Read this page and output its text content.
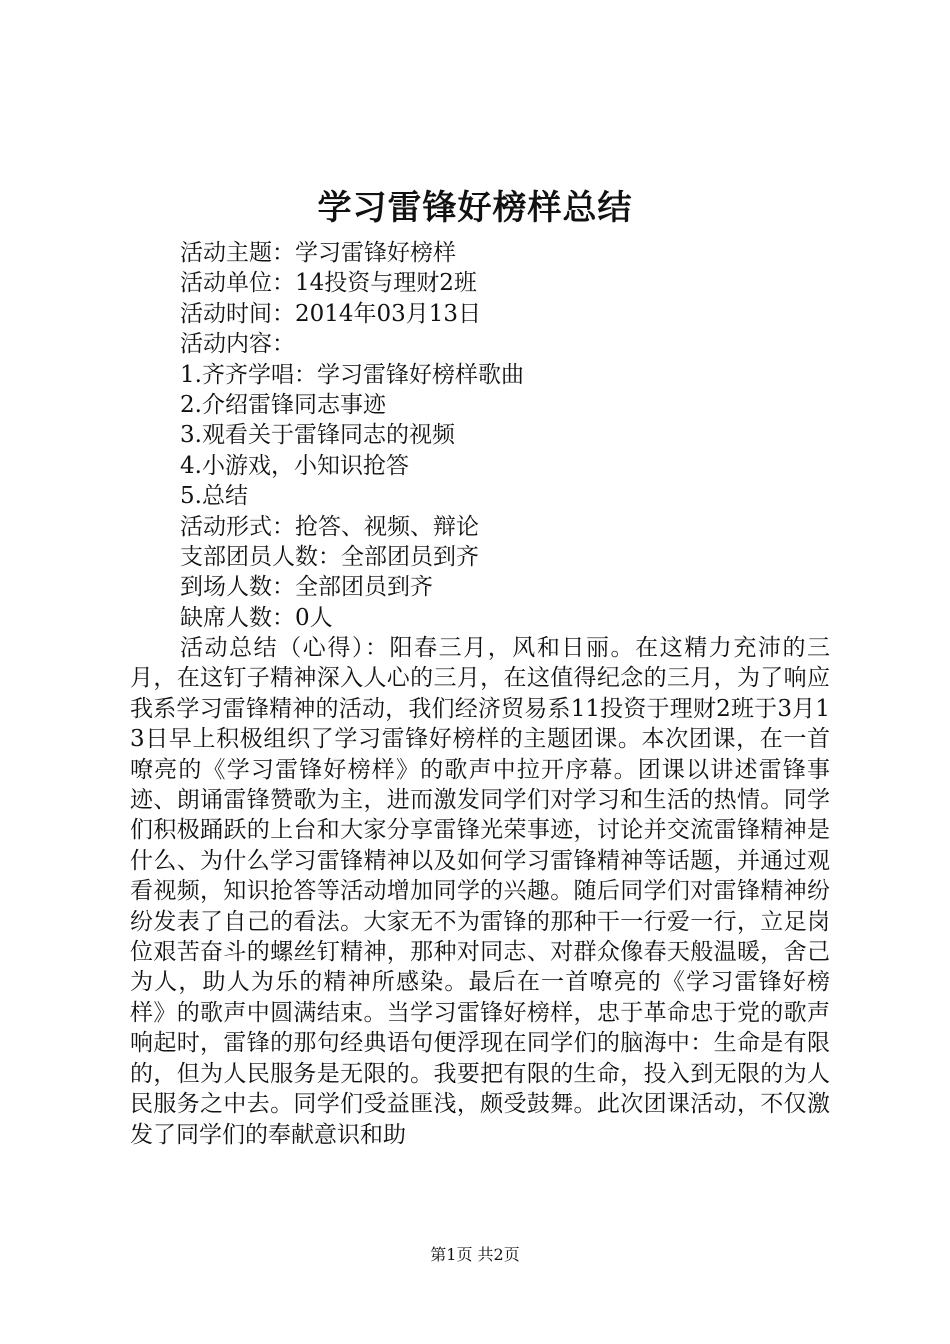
学习雷锋好榜样总结
活动主题：学习雷锋好榜样
活动单位：14投资与理财2班
活动时间：2014年03月13日
活动内容：
1.齐齐学唱：学习雷锋好榜样歌曲
2.介绍雷锋同志事迹
3.观看关于雷锋同志的视频
4.小游戏，小知识抢答
5.总结
活动形式：抢答、视频、辩论
支部团员人数：全部团员到齐
到场人数：全部团员到齐
缺席人数：0人
活动总结（心得）：阳春三月，风和日丽。在这精力充沛的三月，在这钉子精神深入人心的三月，在这值得纪念的三月，为了响应我系学习雷锋精神的活动，我们经济贸易系11投资于理财2班于3月13日早上积极组织了学习雷锋好榜样的主题团课。本次团课，在一首嘹亮的《学习雷锋好榜样》的歌声中拉开序幕。团课以讲述雷锋事迹、朗诵雷锋赞歌为主，进而激发同学们对学习和生活的热情。同学们积极踊跃的上台和大家分享雷锋光荣事迹，讨论并交流雷锋精神是什么、为什么学习雷锋精神以及如何学习雷锋精神等话题，并通过观看视频，知识抢答等活动增加同学的兴趣。随后同学们对雷锋精神纷纷发表了自己的看法。大家无不为雷锋的那种干一行爱一行，立足岗位艰苦奋斗的螺丝钉精神，那种对同志、对群众像春天般温暖，舍己为人，助人为乐的精神所感染。最后在一首嘹亮的《学习雷锋好榜样》的歌声中圆满结束。当学习雷锋好榜样，忠于革命忠于党的歌声响起时，雷锋的那句经典语句便浮现在同学们的脑海中：生命是有限的，但为人民服务是无限的。我要把有限的生命，投入到无限的为人民服务之中去。同学们受益匪浅，颇受鼓舞。此次团课活动，不仅激发了同学们的奉献意识和助
第1页 共2页
